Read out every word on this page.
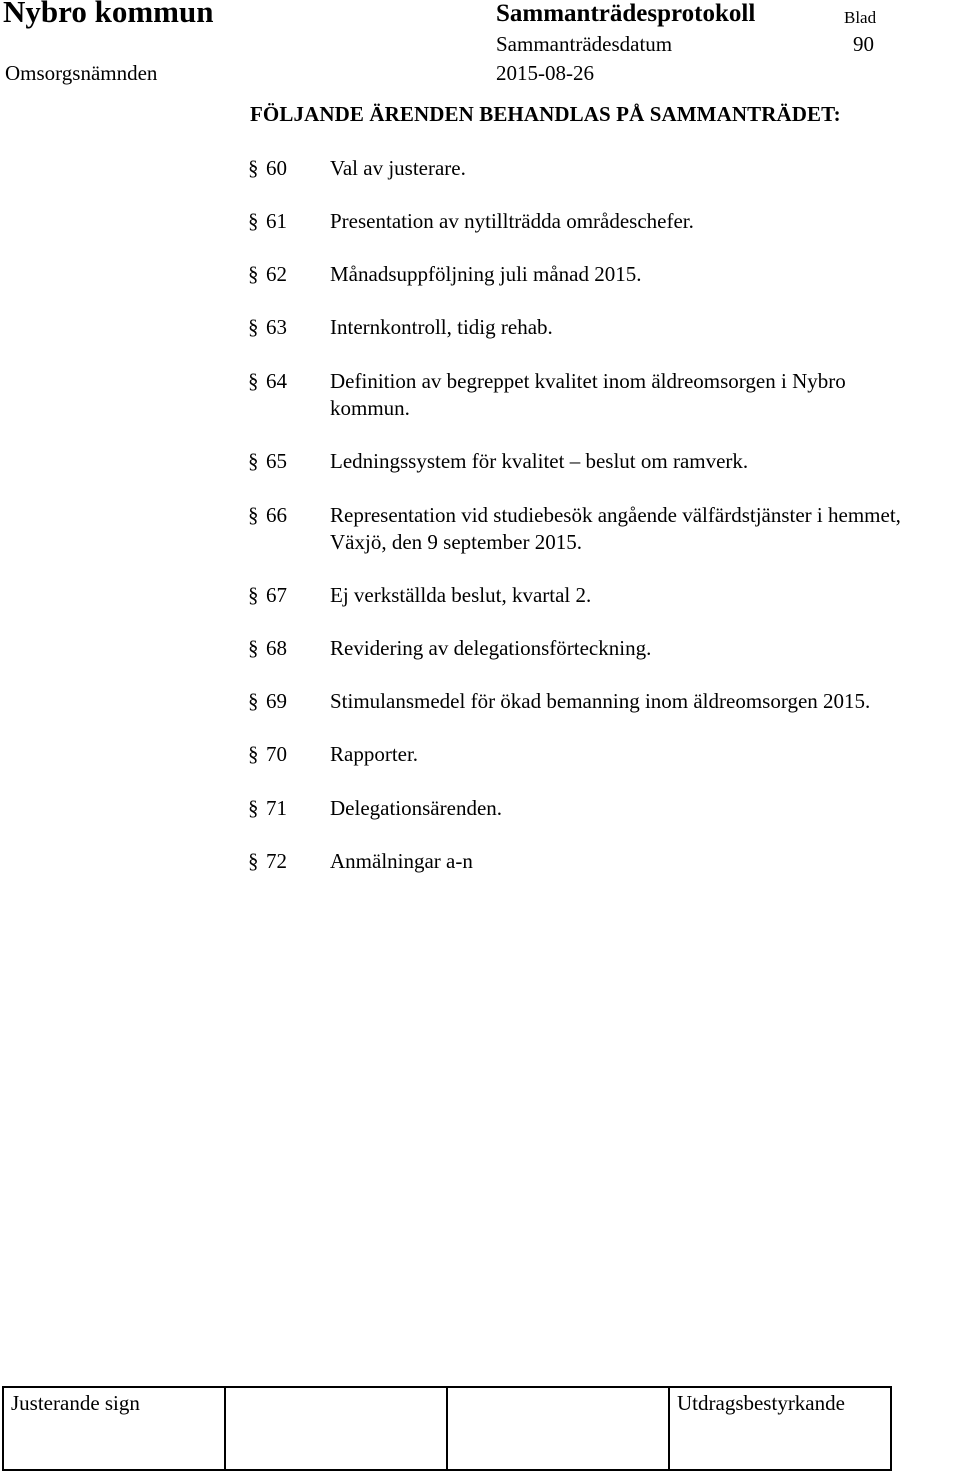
Nybro kommun	Sammanträdesprotokoll	Blad
Sammanträdesdatum	90
Omsorgsnämnden	2015-08-26
FÖLJANDE ÄRENDEN BEHANDLAS PÅ SAMMANTRÄDET:
§ 60 Val av justerare.
§ 61 Presentation av nytillträdda områdeschefer.
§ 62 Månadsuppföljning juli månad 2015.
§ 63 Internkontroll, tidig rehab.
§ 64 Definition av begreppet kvalitet inom äldreomsorgen i Nybro kommun.
§ 65 Ledningssystem för kvalitet – beslut om ramverk.
§ 66 Representation vid studiebesök angående välfärdstjänster i hemmet, Växjö, den 9 september 2015.
§ 67 Ej verkställda beslut, kvartal 2.
§ 68 Revidering av delegationsförteckning.
§ 69 Stimulansmedel för ökad bemanning inom äldreomsorgen 2015.
§ 70 Rapporter.
§ 71 Delegationsärenden.
§ 72 Anmälningar a-n
Justerande sign	Utdragsbestyrkande
